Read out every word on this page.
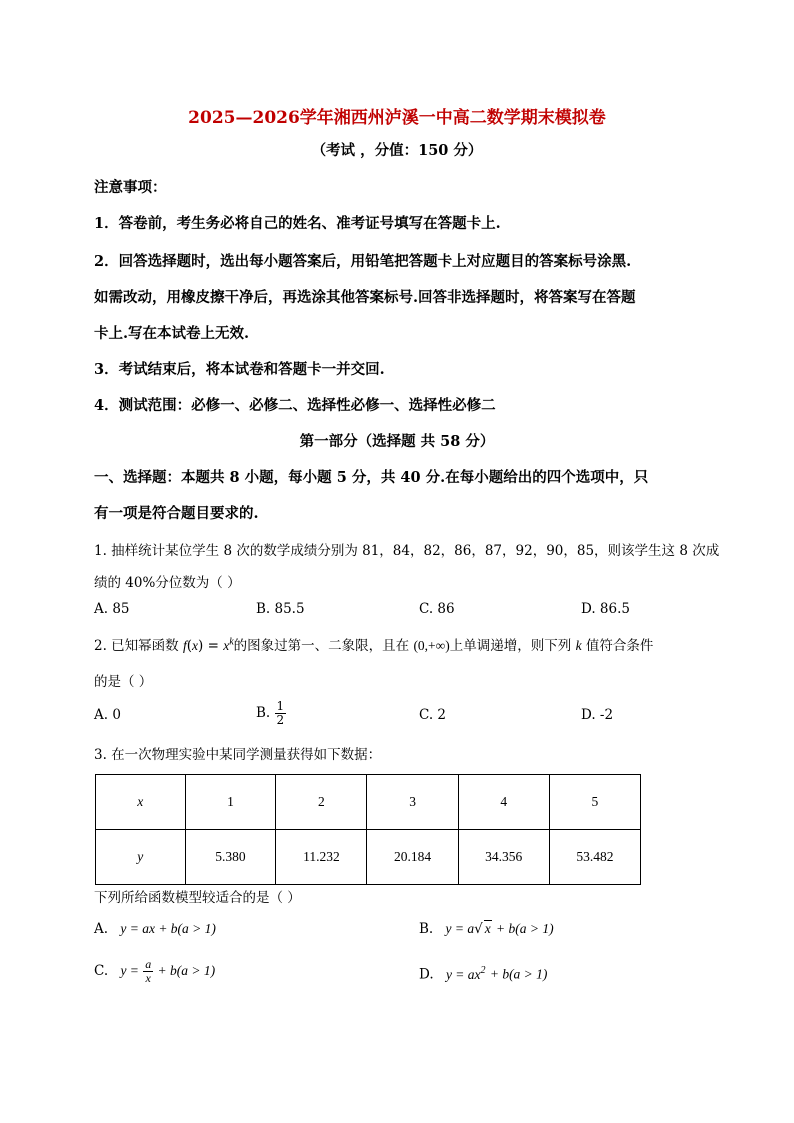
2025—2026学年湘西州泸溪一中高二数学期末模拟卷
（考试 ，分值：150 分）
注意事项：
1．答卷前，考生务必将自己的姓名、准考证号填写在答题卡上.
2．回答选择题时，选出每小题答案后，用铅笔把答题卡上对应题目的答案标号涂黑.
如需改动，用橡皮擦干净后，再选涂其他答案标号.回答非选择题时，将答案写在答题
卡上.写在本试卷上无效.
3．考试结束后，将本试卷和答题卡一并交回.
4．测试范围：必修一、必修二、选择性必修一、选择性必修二
第一部分（选择题 共 58 分）
一、选择题：本题共 8 小题，每小题 5 分，共 40 分.在每小题给出的四个选项中，只
有一项是符合题目要求的.
1. 抽样统计某位学生 8 次的数学成绩分别为 81，84，82，86，87，92，90，85，则该学生这 8 次成
绩的 40%分位数为（ ）
A. 85	B. 85.5	C. 86	D. 86.5
2. 已知幂函数 $f(x) = x^k$的图象过第一、二象限，且在 (0,+∞)上单调递增，则下列 k 值符合条件
的是（ ）
A. 0	B. $\frac{1}{2}$	C. 2	D. -2
3. 在一次物理实验中某同学测量获得如下数据：
x	1	2	3	4	5
y	5.380	11.232	20.184	34.356	53.482
下列所给函数模型较适合的是（ ）
A. y = ax + b(a > 1)	B. y = a√ x + b(a > 1)
C. $y = \frac{a}{x} + b(a > 1)$	D. $y = ax^2 + b(a > 1)$
